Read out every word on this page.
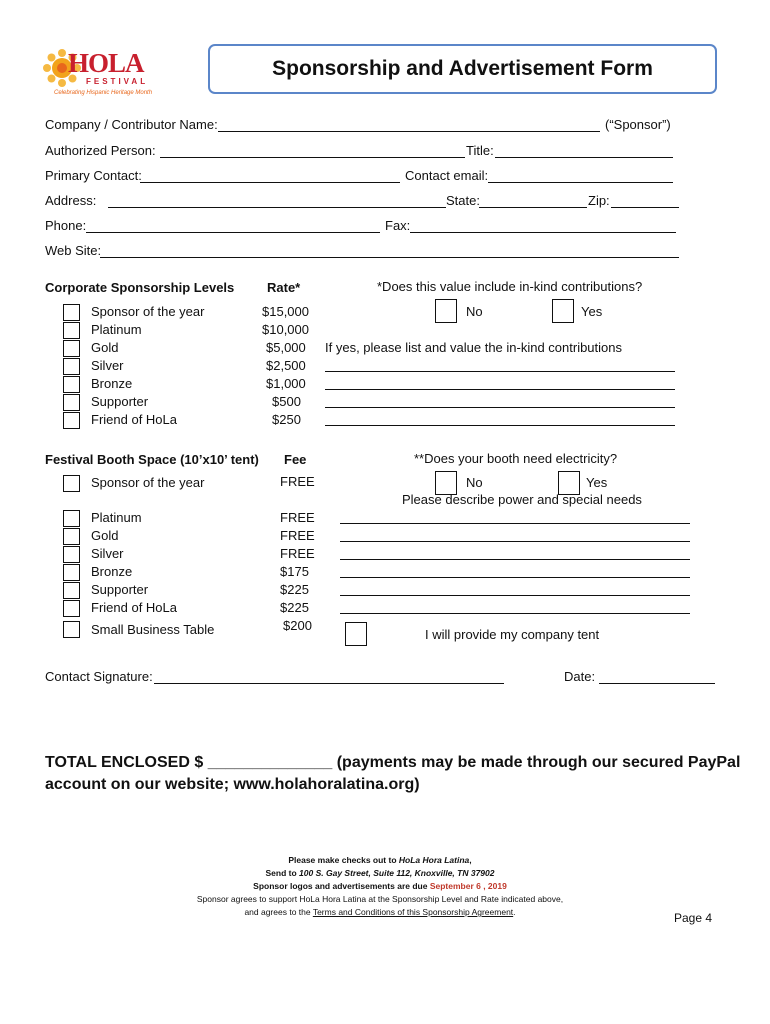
HOLA
FESTIVAL
Celebrating Hispanic Heritage Month
Sponsorship and Advertisement Form
Company / Contributor Name:	(“Sponsor”)
Authorized Person:	Title:
Primary Contact:	Contact email:
Address:	State:	Zip:
Phone:	Fax:
Web Site:
Corporate Sponsorship Levels	Rate*	*Does this value include in-kind contributions?
Sponsor of the year	$15,000
Platinum	$10,000
Gold	$5,000
Silver	$2,500
Bronze	$1,000
Supporter	$500
Friend of HoLa	$250
No	Yes
If yes, please list and value the in-kind contributions
Festival Booth Space (10’x10’ tent) Fee	**Does your booth need electricity?
Sponsor of the year	FREE	No	Yes
Please describe power and special needs
Platinum	FREE
Gold	FREE
Silver	FREE
Bronze	$175
Supporter	$225
Friend of HoLa	$225
Small Business Table	$200
I will provide my company tent
Contact Signature:	Date:
TOTAL ENCLOSED $ ______________ (payments may be made through our secured PayPal
account on our website; www.holahoralatina.org)
Please make checks out to HoLa Hora Latina,
Send to 100 S. Gay Street, Suite 112, Knoxville, TN 37902
Sponsor logos and advertisements are due September 6 , 2019
Sponsor agrees to support HoLa Hora Latina at the Sponsorship Level and Rate indicated above,
and agrees to the Terms and Conditions of this Sponsorship Agreement.	Page 4
